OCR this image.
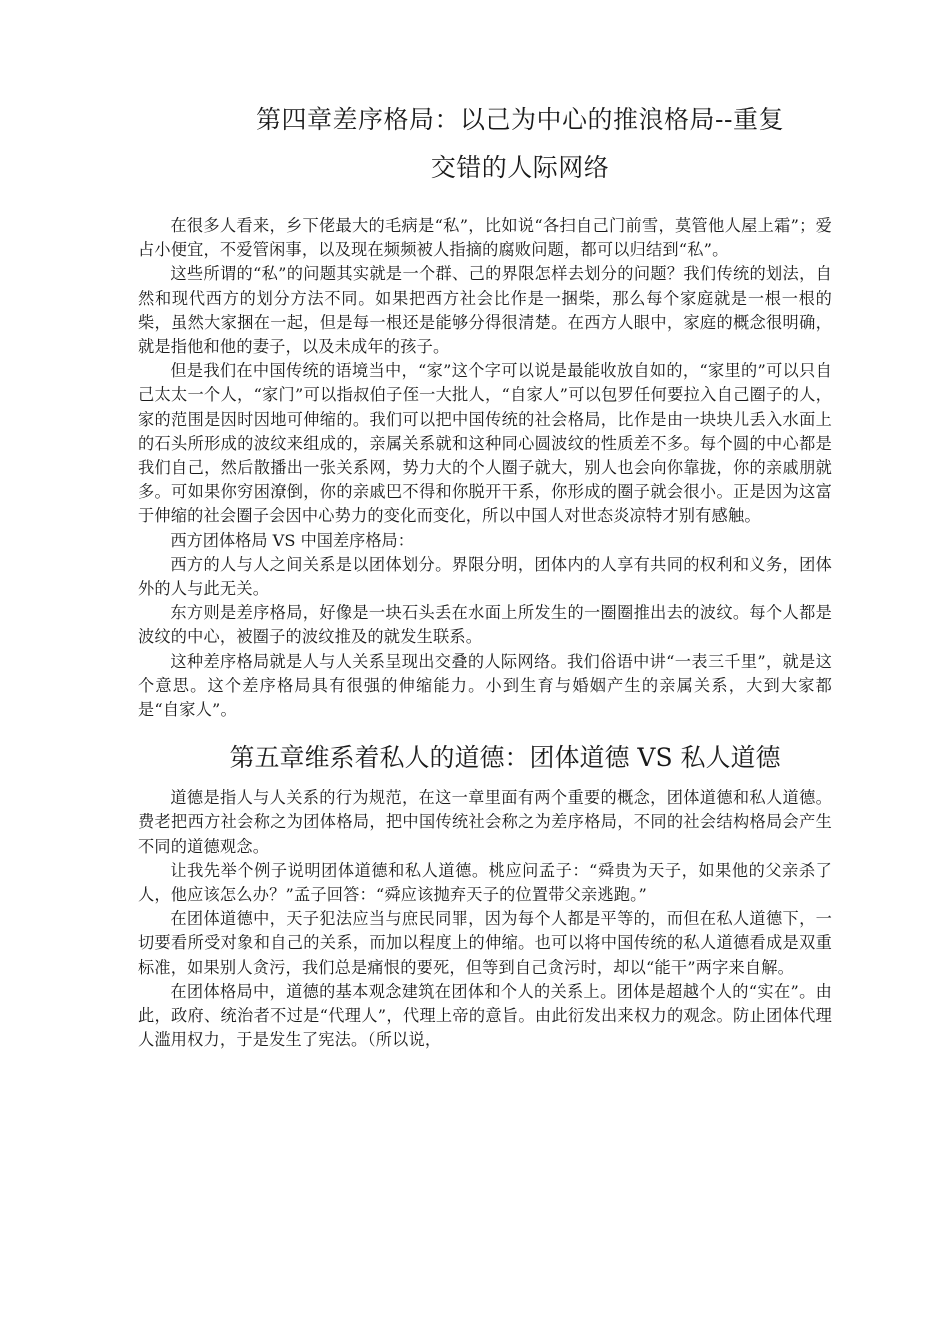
第四章差序格局：以己为中心的推浪格局--重复
交错的人际网络

在很多人看来，乡下佬最大的毛病是“私”，比如说“各扫自己门前雪，莫管他人屋上霜”；爱占小便宜，不爱管闲事，以及现在频频被人指摘的腐败问题，都可以归结到“私”。

这些所谓的“私”的问题其实就是一个群、己的界限怎样去划分的问题？我们传统的划法，自然和现代西方的划分方法不同。如果把西方社会比作是一捆柴，那么每个家庭就是一根一根的柴，虽然大家捆在一起，但是每一根还是能够分得很清楚。在西方人眼中，家庭的概念很明确，就是指他和他的妻子，以及未成年的孩子。

但是我们在中国传统的语境当中，“家”这个字可以说是最能收放自如的，“家里的”可以只自己太太一个人，“家门”可以指叔伯子侄一大批人，“自家人”可以包罗任何要拉入自己圈子的人，家的范围是因时因地可伸缩的。我们可以把中国传统的社会格局，比作是由一块块儿丢入水面上的石头所形成的波纹来组成的，亲属关系就和这种同心圆波纹的性质差不多。每个圆的中心都是我们自己，然后散播出一张关系网，势力大的个人圈子就大，别人也会向你靠拢，你的亲戚朋就多。可如果你穷困潦倒，你的亲戚巴不得和你脱开干系，你形成的圈子就会很小。正是因为这富于伸缩的社会圈子会因中心势力的变化而变化，所以中国人对世态炎凉特才别有感触。

西方团体格局 VS 中国差序格局：

西方的人与人之间关系是以团体划分。界限分明，团体内的人享有共同的权利和义务，团体外的人与此无关。

东方则是差序格局，好像是一块石头丢在水面上所发生的一圈圈推出去的波纹。每个人都是波纹的中心，被圈子的波纹推及的就发生联系。

这种差序格局就是人与人关系呈现出交叠的人际网络。我们俗语中讲“一表三千里”，就是这个意思。这个差序格局具有很强的伸缩能力。小到生育与婚姻产生的亲属关系，大到大家都是“自家人”。

第五章维系着私人的道德：团体道德 VS 私人道德

道德是指人与人关系的行为规范，在这一章里面有两个重要的概念，团体道德和私人道德。费老把西方社会称之为团体格局，把中国传统社会称之为差序格局，不同的社会结构格局会产生不同的道德观念。

让我先举个例子说明团体道德和私人道德。桃应问孟子：“舜贵为天子，如果他的父亲杀了人，他应该怎么办？”孟子回答：“舜应该抛弃天子的位置带父亲逃跑。”

在团体道德中，天子犯法应当与庶民同罪，因为每个人都是平等的，而但在私人道德下，一切要看所受对象和自己的关系，而加以程度上的伸缩。也可以将中国传统的私人道德看成是双重标准，如果别人贪污，我们总是痛恨的要死，但等到自己贪污时，却以“能干”两字来自解。

在团体格局中，道德的基本观念建筑在团体和个人的关系上。团体是超越个人的“实在”。由此，政府、统治者不过是“代理人”，代理上帝的意旨。由此衍发出来权力的观念。防止团体代理人滥用权力，于是发生了宪法。（所以说，
